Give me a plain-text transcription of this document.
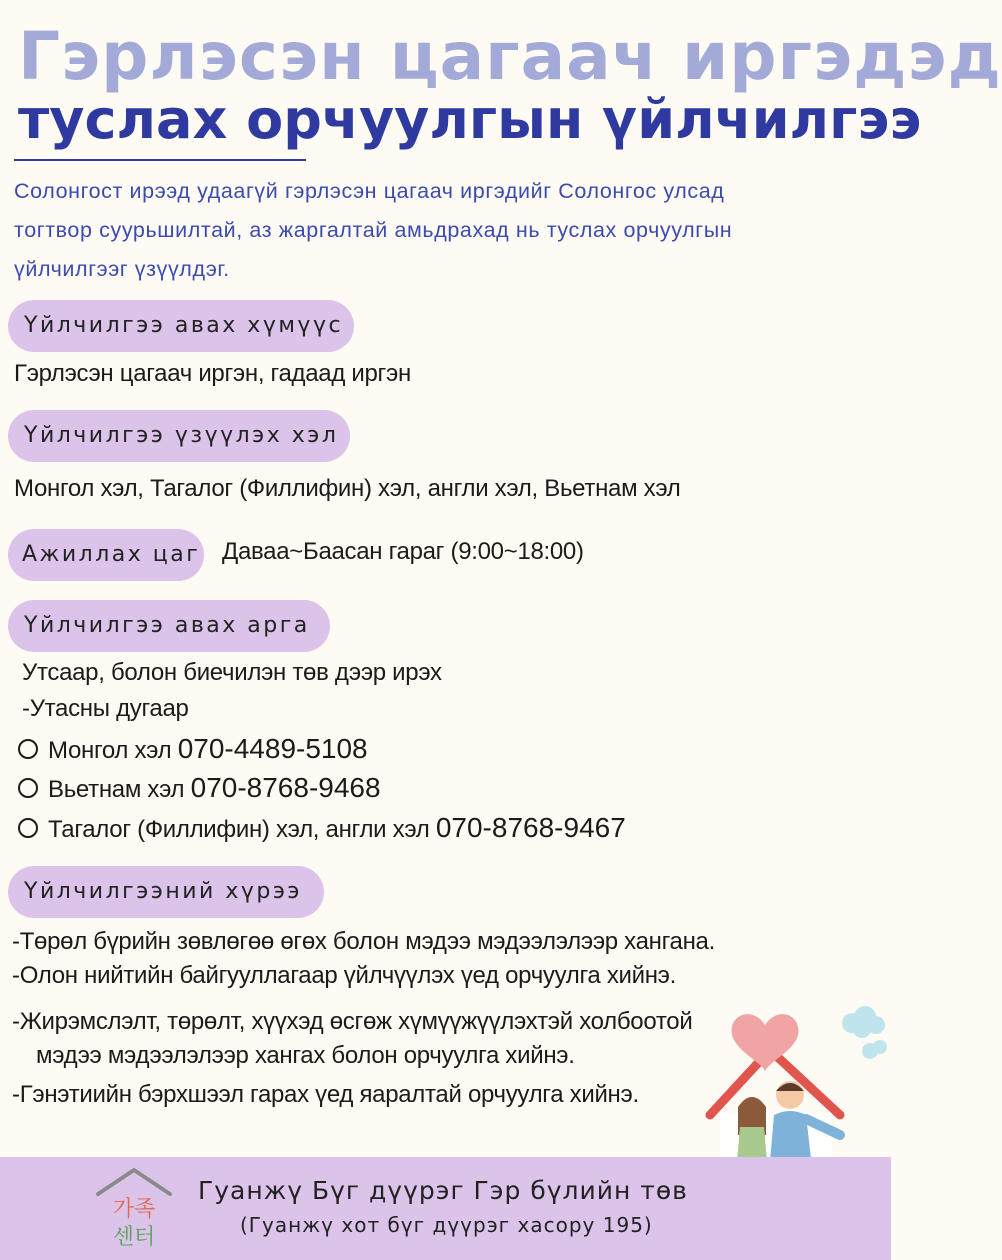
Гэрлэсэн цагаач иргэдэд
туслах орчуулгын үйлчилгээ
Солонгост ирээд удаагүй гэрлэсэн цагаач иргэдийг Солонгос улсад
тогтвор суурьшилтай, аз жаргалтай амьдрахад нь туслах орчуулгын
үйлчилгээг үзүүлдэг.
Үйлчилгээ авах хүмүүс
Гэрлэсэн цагаач иргэн, гадаад иргэн
Үйлчилгээ үзүүлэх хэл
Монгол хэл, Тагалог (Филлифин) хэл, англи хэл, Вьетнам хэл
Ажиллах цаг Даваа~Баасан гараг (9:00~18:00)
Үйлчилгээ авах арга
Утсаар, болон биечилэн төв дээр ирэх
-Утасны дугаар
Монгол хэл 070-4489-5108
Вьетнам хэл 070-8768-9468
Тагалог (Филлифин) хэл, англи хэл 070-8768-9467
Үйлчилгээний хүрээ
-Төрөл бүрийн зөвлөгөө өгөх болон мэдээ мэдээлэлээр хангана.
-Олон нийтийн байгууллагаар үйлчүүлэх үед орчуулга хийнэ.
-Жирэмслэлт, төрөлт, хүүхэд өсгөж хүмүүжүүлэхтэй холбоотой
мэдээ мэдээлэлээр хангах болон орчуулга хийнэ.
-Гэнэтиийн бэрхшээл гарах үед яаралтай орчуулга хийнэ.
가족
센터
Гуанжү Бүг дүүрэг Гэр бүлийн төв
(Гуанжү хот бүг дүүрэг хасору 195)
